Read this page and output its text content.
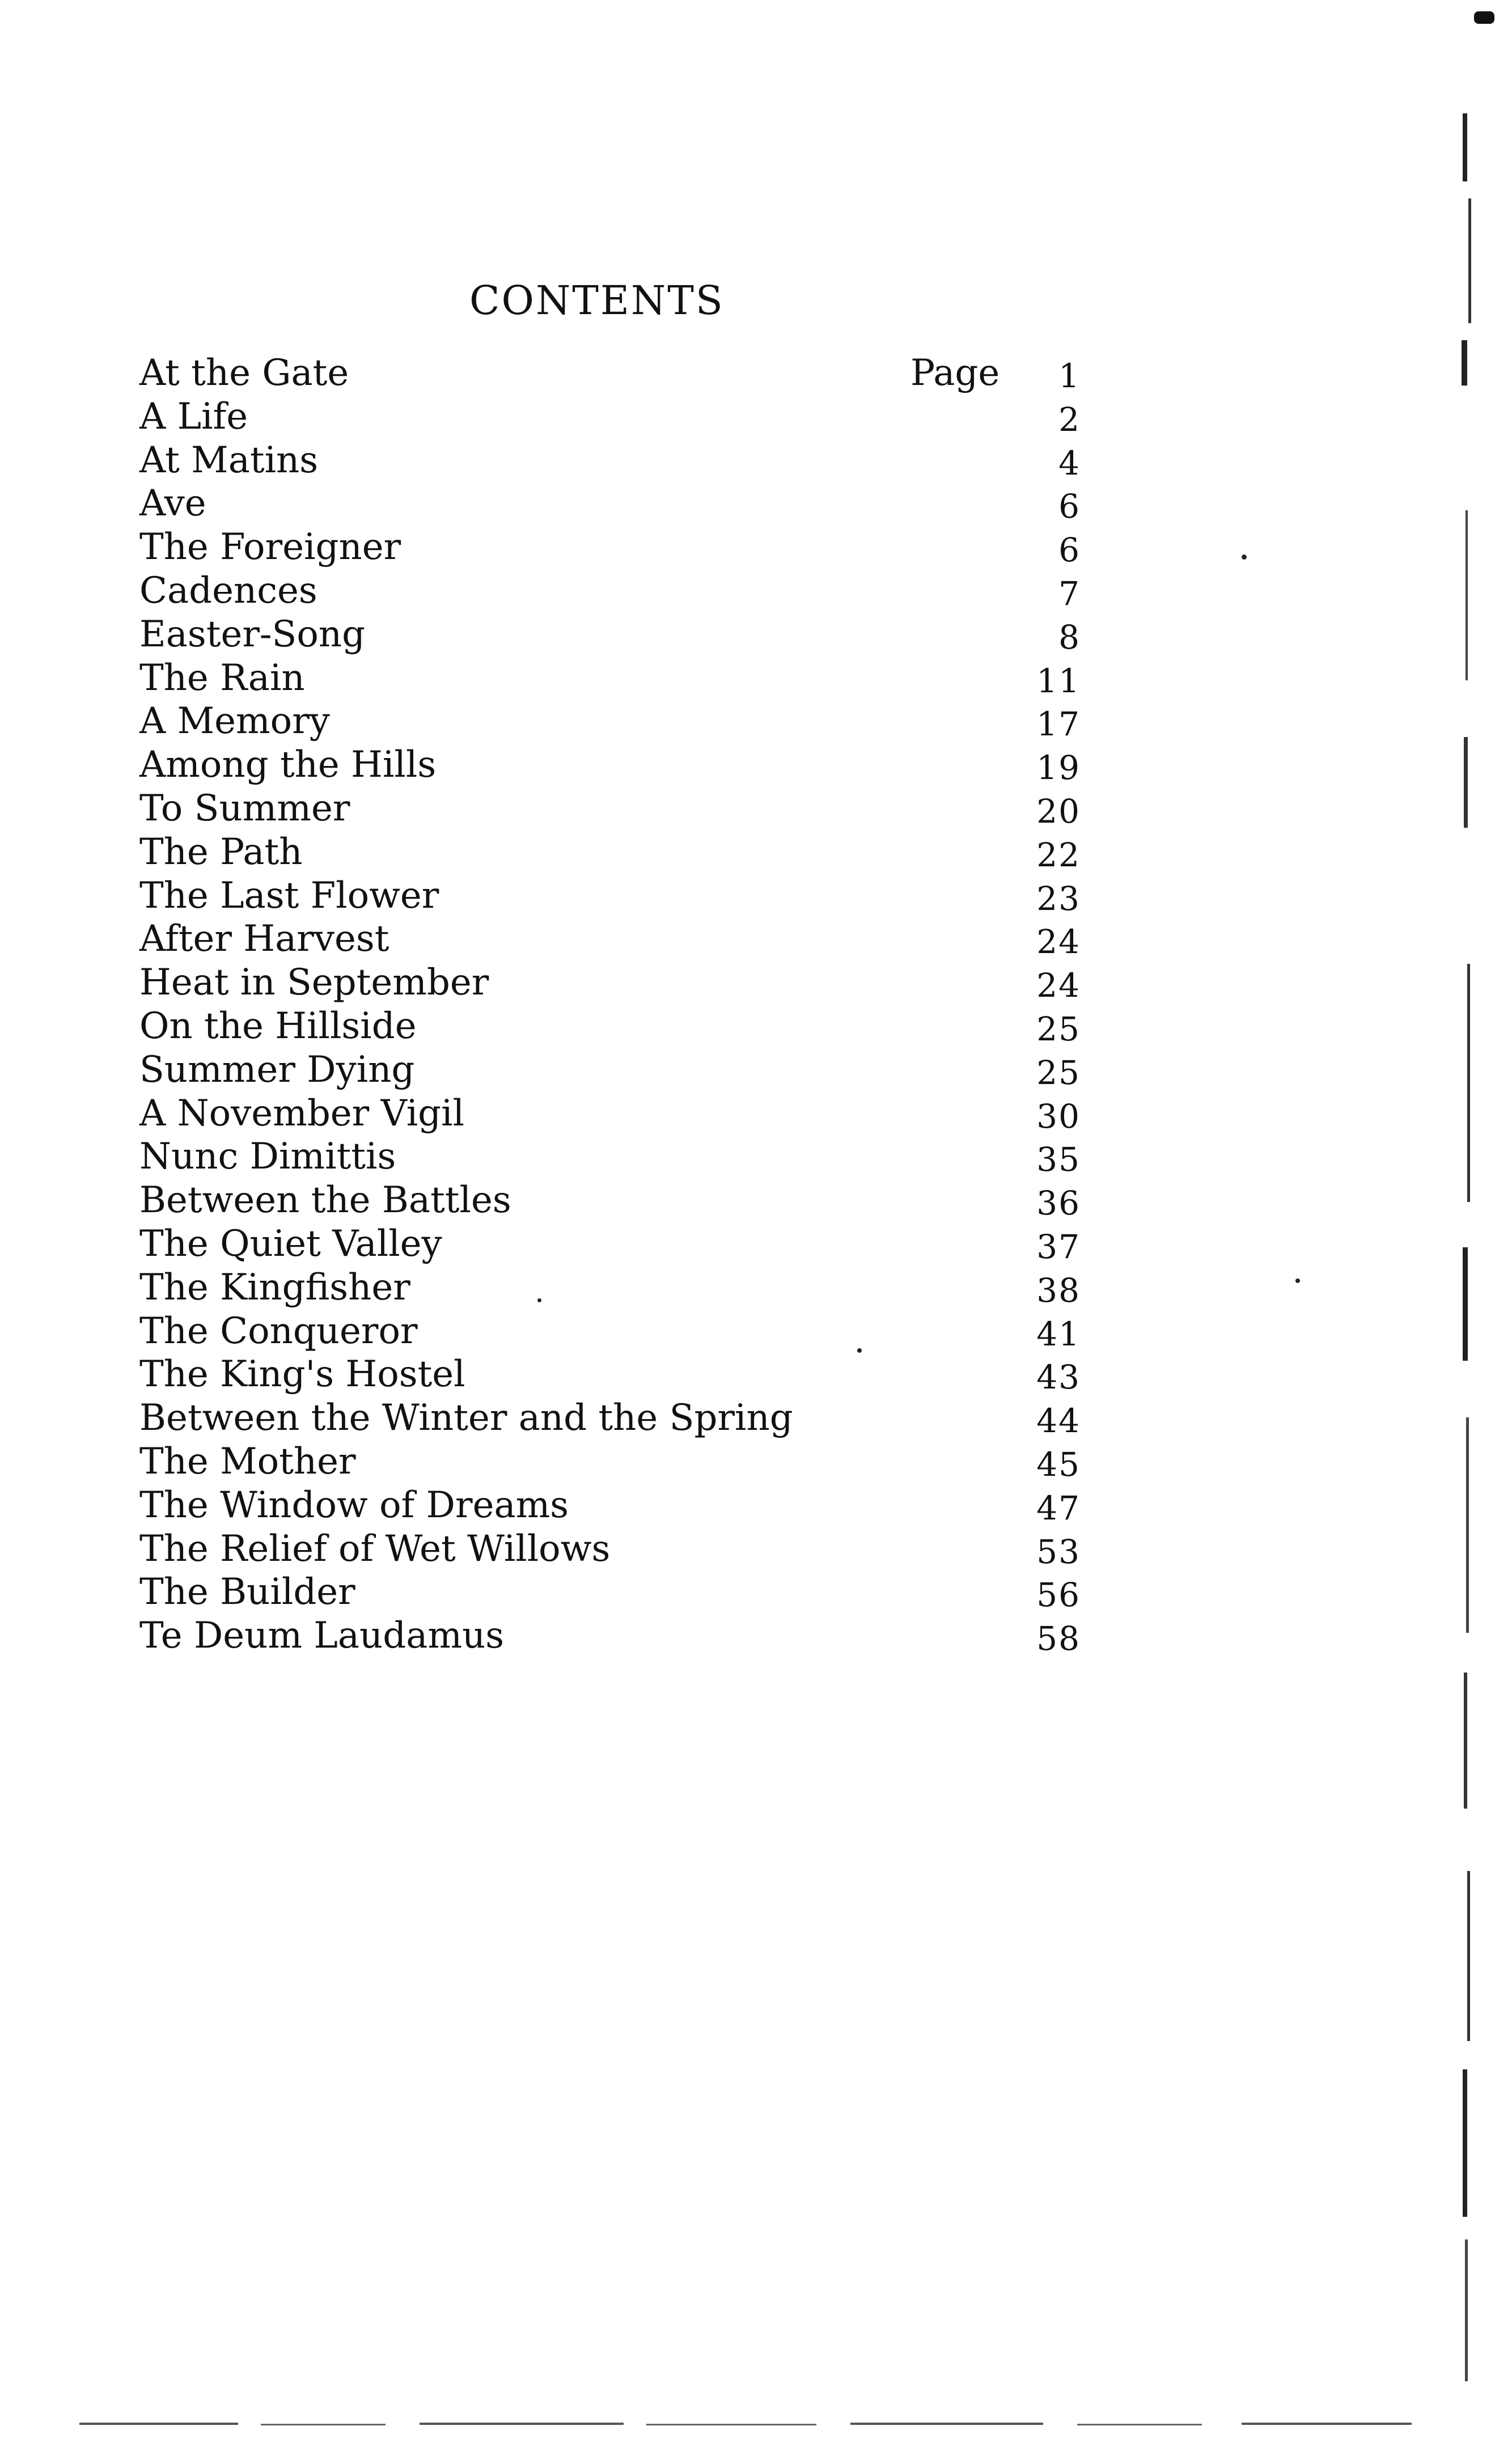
CONTENTS
At the Gate	Page	1
A Life	2
At Matins	4
Ave	6
The Foreigner	6
Cadences	7
Easter-Song	8
The Rain	11
A Memory	17
Among the Hills	19
To Summer	20
The Path	22
The Last Flower	23
After Harvest	24
Heat in September	24
On the Hillside	25
Summer Dying	25
A November Vigil	30
Nunc Dimittis	35
Between the Battles	36
The Quiet Valley	37
The Kingfisher	38
The Conqueror	41
The King's Hostel	43
Between the Winter and the Spring	44
The Mother	45
The Window of Dreams	47
The Relief of Wet Willows	53
The Builder	56
Te Deum Laudamus	58
